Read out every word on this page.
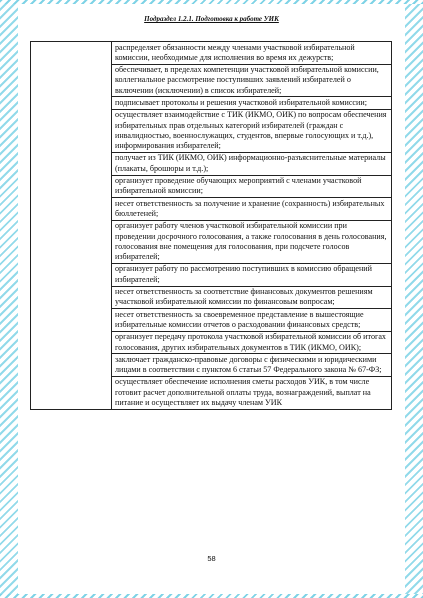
Подраздел 1.2.1. Подготовка к работе УИК

распределяет обязанности между членами участковой избирательной комиссии, необходимые для исполнения во время их дежурств;
обеспечивает, в пределах компетенции участковой избирательной комиссии, коллегиальное рассмотрение поступивших заявлений избирателей о включении (исключении) в список избирателей;
подписывает протоколы и решения участковой избирательной комиссии;
осуществляет взаимодействие с ТИК (ИКМО, ОИК) по вопросам обеспечения избирательных прав отдельных категорий избирателей (граждан с инвалидностью, военнослужащих, студентов, впервые голосующих и т.д.), информирования избирателей;
получает из ТИК (ИКМО, ОИК) информационно-разъяснительные материалы (плакаты, брошюры и т.д.);
организует проведение обучающих мероприятий с членами участковой избирательной комиссии;
несет ответственность за получение и хранение (сохранность) избирательных бюллетеней;
организует работу членов участковой избирательной комиссии при проведении досрочного голосования, а также голосования в день голосования, голосования вне помещения для голосования, при подсчете голосов избирателей;
организует работу по рассмотрению поступивших в комиссию обращений избирателей;
несет ответственность за соответствие финансовых документов решениям участковой избирательной комиссии по финансовым вопросам;
несет ответственность за своевременное представление в вышестоящие избирательные комиссии отчетов о расходовании финансовых средств;
организует передачу протокола участковой избирательной комиссии об итогах голосования, других избирательных документов в ТИК (ИКМО, ОИК);
заключает гражданско-правовые договоры с физическими и юридическими лицами в соответствии с пунктом 6 статьи 57 Федерального закона № 67-ФЗ;
осуществляет обеспечение исполнения сметы расходов УИК, в том числе готовит расчет дополнительной оплаты труда, вознаграждений, выплат на питание и осуществляет их выдачу членам УИК
58
